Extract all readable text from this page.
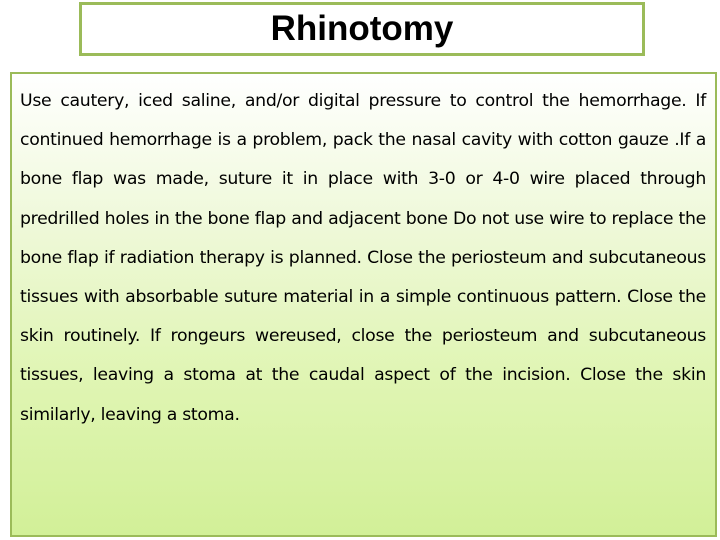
Rhinotomy

Use cautery, iced saline, and/or digital pressure to control the hemorrhage. If continued hemorrhage is a problem, pack the nasal cavity with cotton gauze .If a bone flap was made, suture it in place with 3-0 or 4-0 wire placed through predrilled holes in the bone flap and adjacent bone Do not use wire to replace the bone flap if radiation therapy is planned. Close the periosteum and subcutaneous tissues with absorbable suture material in a simple continuous pattern. Close the skin routinely. If rongeurs wereused, close the periosteum and subcutaneous tissues, leaving a stoma at the caudal aspect of the incision. Close the skin similarly, leaving a stoma.
